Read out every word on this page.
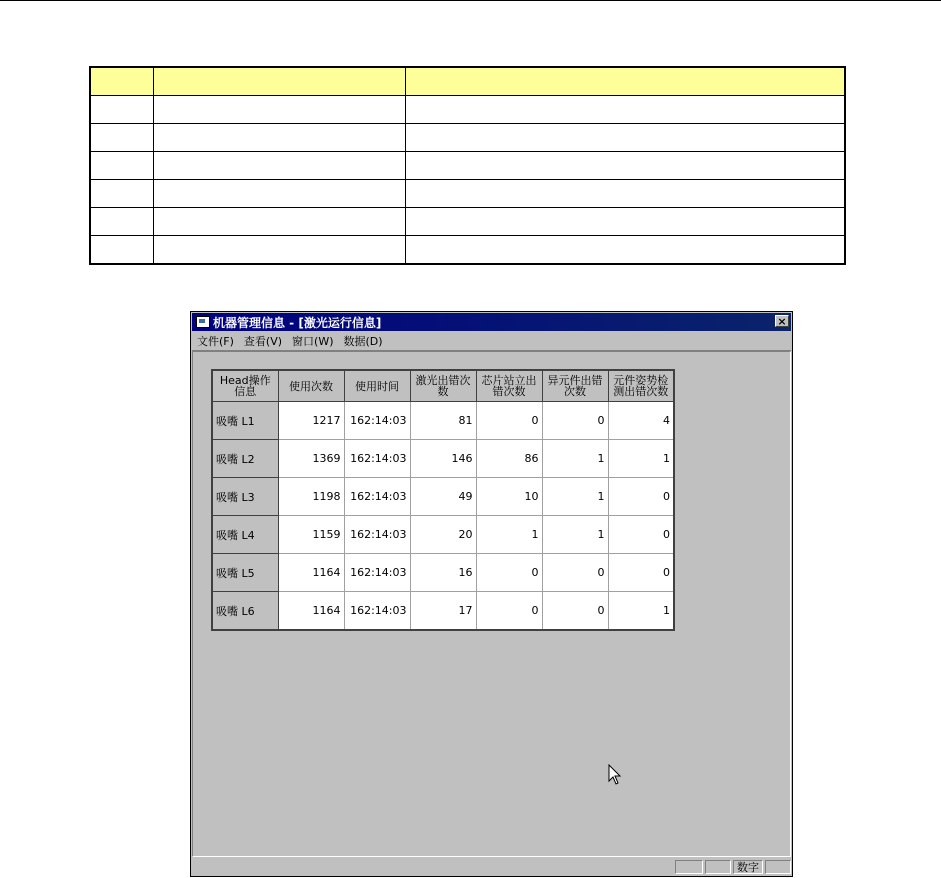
机器管理信息 - [激光运行信息]	×
文件(F) 查看(V) 窗口(W) 数据(D)
Head操作信息	使用次数	使用时间	激光出错次数	芯片站立出错次数	异元件出错次数	元件姿势检测出错次数
吸嘴 L1	1217	162:14:03	81	0	0	4
吸嘴 L2	1369	162:14:03	146	86	1	1
吸嘴 L3	1198	162:14:03	49	10	1	0
吸嘴 L4	1159	162:14:03	20	1	1	0
吸嘴 L5	1164	162:14:03	16	0	0	0
吸嘴 L6	1164	162:14:03	17	0	0	1
数字
